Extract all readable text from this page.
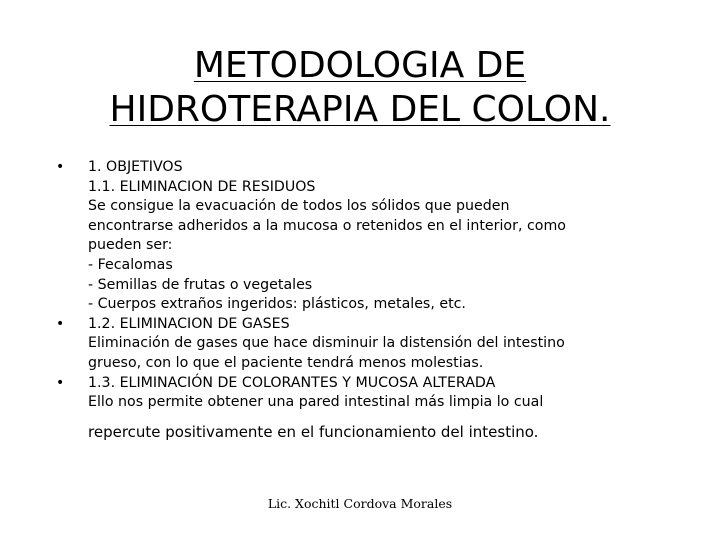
METODOLOGIA DE
HIDROTERAPIA DEL COLON.
• 1. OBJETIVOS
1.1. ELIMINACION DE RESIDUOS
Se consigue la evacuación de todos los sólidos que pueden
encontrarse adheridos a la mucosa o retenidos en el interior, como
pueden ser:
- Fecalomas
- Semillas de frutas o vegetales
- Cuerpos extraños ingeridos: plásticos, metales, etc.
• 1.2. ELIMINACION DE GASES
Eliminación de gases que hace disminuir la distensión del intestino
grueso, con lo que el paciente tendrá menos molestias.
• 1.3. ELIMINACIÓN DE COLORANTES Y MUCOSA ALTERADA
Ello nos permite obtener una pared intestinal más limpia lo cual
repercute positivamente en el funcionamiento del intestino.
Lic. Xochitl Cordova Morales
